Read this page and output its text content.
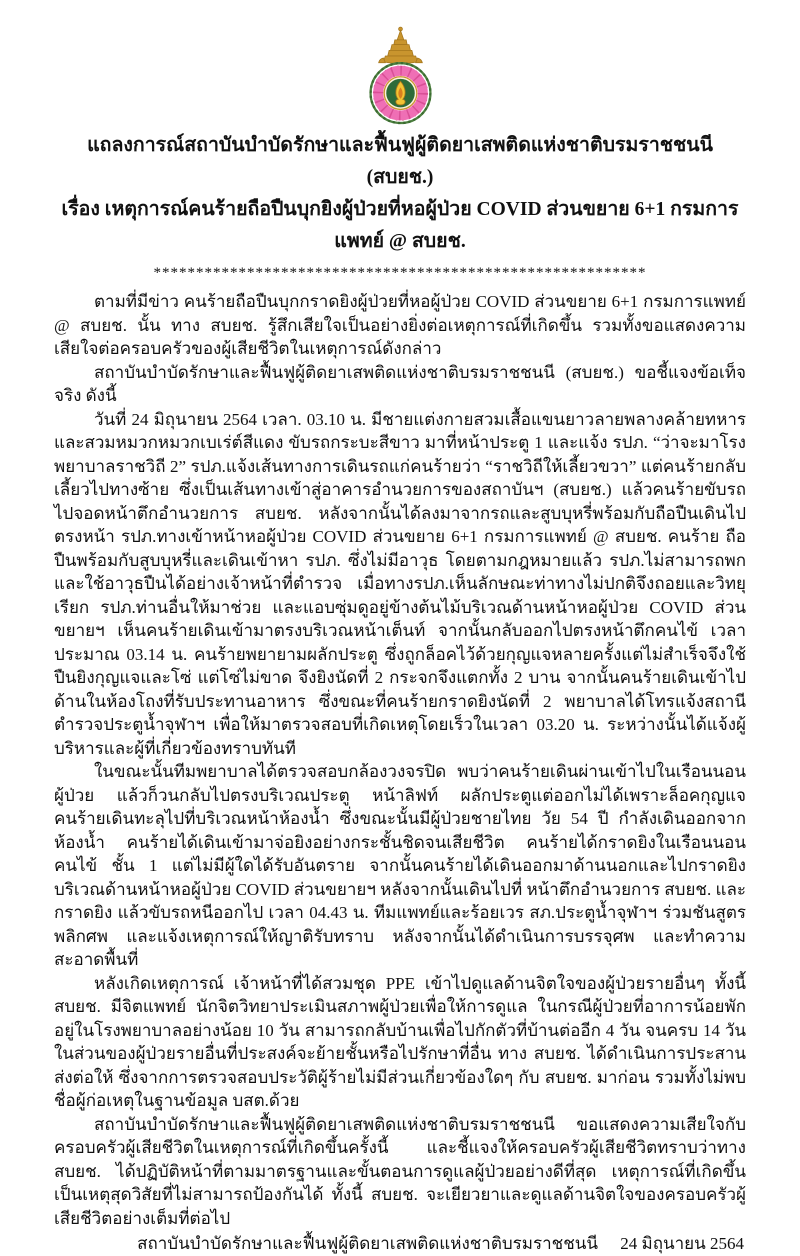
แถลงการณ์สถาบันบำบัดรักษาและฟื้นฟูผู้ติดยาเสพติดแห่งชาติบรมราชชนนี (สบยช.)
เรื่อง เหตุการณ์คนร้ายถือปืนบุกยิงผู้ป่วยที่หอผู้ป่วย COVID ส่วนขยาย 6+1 กรมการแพทย์ @ สบยช.
**********************************************************

ตามที่มีข่าว คนร้ายถือปืนบุกกราดยิงผู้ป่วยที่หอผู้ป่วย COVID ส่วนขยาย 6+1 กรมการแพทย์ @ สบยช. นั้น ทาง สบยช. รู้สึกเสียใจเป็นอย่างยิ่งต่อเหตุการณ์ที่เกิดขึ้น รวมทั้งขอแสดงความเสียใจต่อครอบครัวของผู้เสียชีวิตในเหตุการณ์ดังกล่าว

สถาบันบำบัดรักษาและฟื้นฟูผู้ติดยาเสพติดแห่งชาติบรมราชชนนี (สบยช.) ขอชี้แจงข้อเท็จจริง ดังนี้

วันที่ 24 มิถุนายน 2564 เวลา. 03.10 น. มีชายแต่งกายสวมเสื้อแขนยาวลายพลางคล้ายทหารและสวมหมวกหมวกเบเร่ต์สีแดง ขับรถกระบะสีขาว มาที่หน้าประตู 1 และแจ้ง รปภ. “ว่าจะมาโรงพยาบาลราชวิถี 2” รปภ.แจ้งเส้นทางการเดินรถแก่คนร้ายว่า “ราชวิถีให้เลี้ยวขวา” แต่คนร้ายกลับเลี้ยวไปทางซ้าย ซึ่งเป็นเส้นทางเข้าสู่อาคารอำนวยการของสถาบันฯ (สบยช.) แล้วคนร้ายขับรถไปจอดหน้าตึกอำนวยการ สบยช. หลังจากนั้นได้ลงมาจากรถและสูบบุหรี่พร้อมกับถือปืนเดินไปตรงหน้า รปภ.ทางเข้าหน้าหอผู้ป่วย COVID ส่วนขยาย 6+1 กรมการแพทย์ @ สบยช. คนร้าย ถือปืนพร้อมกับสูบบุหรี่และเดินเข้าหา รปภ. ซึ่งไม่มีอาวุธ โดยตามกฎหมายแล้ว รปภ.ไม่สามารถพกและใช้อาวุธปืนได้อย่างเจ้าหน้าที่ตำรวจ เมื่อทางรปภ.เห็นลักษณะท่าทางไม่ปกติจึงถอยและวิทยุเรียก รปภ.ท่านอื่นให้มาช่วย และแอบซุ่มดูอยู่ข้างต้นไม้บริเวณด้านหน้าหอผู้ป่วย COVID ส่วนขยายฯ เห็นคนร้ายเดินเข้ามาตรงบริเวณหน้าเต็นท์ จากนั้นกลับออกไปตรงหน้าตึกคนไข้ เวลาประมาณ 03.14 น. คนร้ายพยายามผลักประตู ซึ่งถูกล็อคไว้ด้วยกุญแจหลายครั้งแต่ไม่สำเร็จจึงใช้ปืนยิงกุญแจและโซ่ แต่โซ่ไม่ขาด จึงยิงนัดที่ 2 กระจกจึงแตกทั้ง 2 บาน จากนั้นคนร้ายเดินเข้าไปด้านในห้องโถงที่รับประทานอาหาร ซึ่งขณะที่คนร้ายกราดยิงนัดที่ 2 พยาบาลได้โทรแจ้งสถานีตำรวจประตูน้ำจุฬาฯ เพื่อให้มาตรวจสอบที่เกิดเหตุโดยเร็วในเวลา 03.20 น. ระหว่างนั้นได้แจ้งผู้บริหารและผู้ที่เกี่ยวข้องทราบทันที

ในขณะนั้นทีมพยาบาลได้ตรวจสอบกล้องวงจรปิด พบว่าคนร้ายเดินผ่านเข้าไปในเรือนนอนผู้ป่วย แล้วก็วนกลับไปตรงบริเวณประตู หน้าลิฟท์ ผลักประตูแต่ออกไม่ได้เพราะล็อคกุญแจ คนร้ายเดินทะลุไปที่บริเวณหน้าห้องน้ำ ซึ่งขณะนั้นมีผู้ป่วยชายไทย วัย 54 ปี กำลังเดินออกจากห้องน้ำ คนร้ายได้เดินเข้ามาจ่อยิงอย่างกระชั้นชิดจนเสียชีวิต คนร้ายได้กราดยิงในเรือนนอนคนไข้ ชั้น 1 แต่ไม่มีผู้ใดได้รับอันตราย จากนั้นคนร้ายได้เดินออกมาด้านนอกและไปกราดยิงบริเวณด้านหน้าหอผู้ป่วย COVID ส่วนขยายฯ หลังจากนั้นเดินไปที่ หน้าตึกอำนวยการ สบยช. และกราดยิง แล้วขับรถหนีออกไป เวลา 04.43 น. ทีมแพทย์และร้อยเวร สภ.ประตูน้ำจุฬาฯ ร่วมชันสูตรพลิกศพ และแจ้งเหตุการณ์ให้ญาติรับทราบ หลังจากนั้นได้ดำเนินการบรรจุศพ และทำความสะอาดพื้นที่

หลังเกิดเหตุการณ์ เจ้าหน้าที่ได้สวมชุด PPE เข้าไปดูแลด้านจิตใจของผู้ป่วยรายอื่นๆ ทั้งนี้ สบยช. มีจิตแพทย์ นักจิตวิทยาประเมินสภาพผู้ป่วยเพื่อให้การดูแล ในกรณีผู้ป่วยที่อาการน้อยพักอยู่ในโรงพยาบาลอย่างน้อย 10 วัน สามารถกลับบ้านเพื่อไปกักตัวที่บ้านต่ออีก 4 วัน จนครบ 14 วัน ในส่วนของผู้ป่วยรายอื่นที่ประสงค์จะย้ายชั้นหรือไปรักษาที่อื่น ทาง สบยช. ได้ดำเนินการประสานส่งต่อให้ ซึ่งจากการตรวจสอบประวัติผู้ร้ายไม่มีส่วนเกี่ยวข้องใดๆ กับ สบยช. มาก่อน รวมทั้งไม่พบชื่อผู้ก่อเหตุในฐานข้อมูล บสต.ด้วย

สถาบันบำบัดรักษาและฟื้นฟูผู้ติดยาเสพติดแห่งชาติบรมราชชนนี ขอแสดงความเสียใจกับครอบครัวผู้เสียชีวิตในเหตุการณ์ที่เกิดขึ้นครั้งนี้ และชี้แจงให้ครอบครัวผู้เสียชีวิตทราบว่าทาง สบยช. ได้ปฏิบัติหน้าที่ตามมาตรฐานและขั้นตอนการดูแลผู้ป่วยอย่างดีที่สุด เหตุการณ์ที่เกิดขึ้นเป็นเหตุสุดวิสัยที่ไม่สามารถป้องกันได้ ทั้งนี้ สบยช. จะเยียวยาและดูแลด้านจิตใจของครอบครัวผู้เสียชีวิตอย่างเต็มที่ต่อไป

สถาบันบำบัดรักษาและฟื้นฟูผู้ติดยาเสพติดแห่งชาติบรมราชชนนี 24 มิถุนายน 2564
